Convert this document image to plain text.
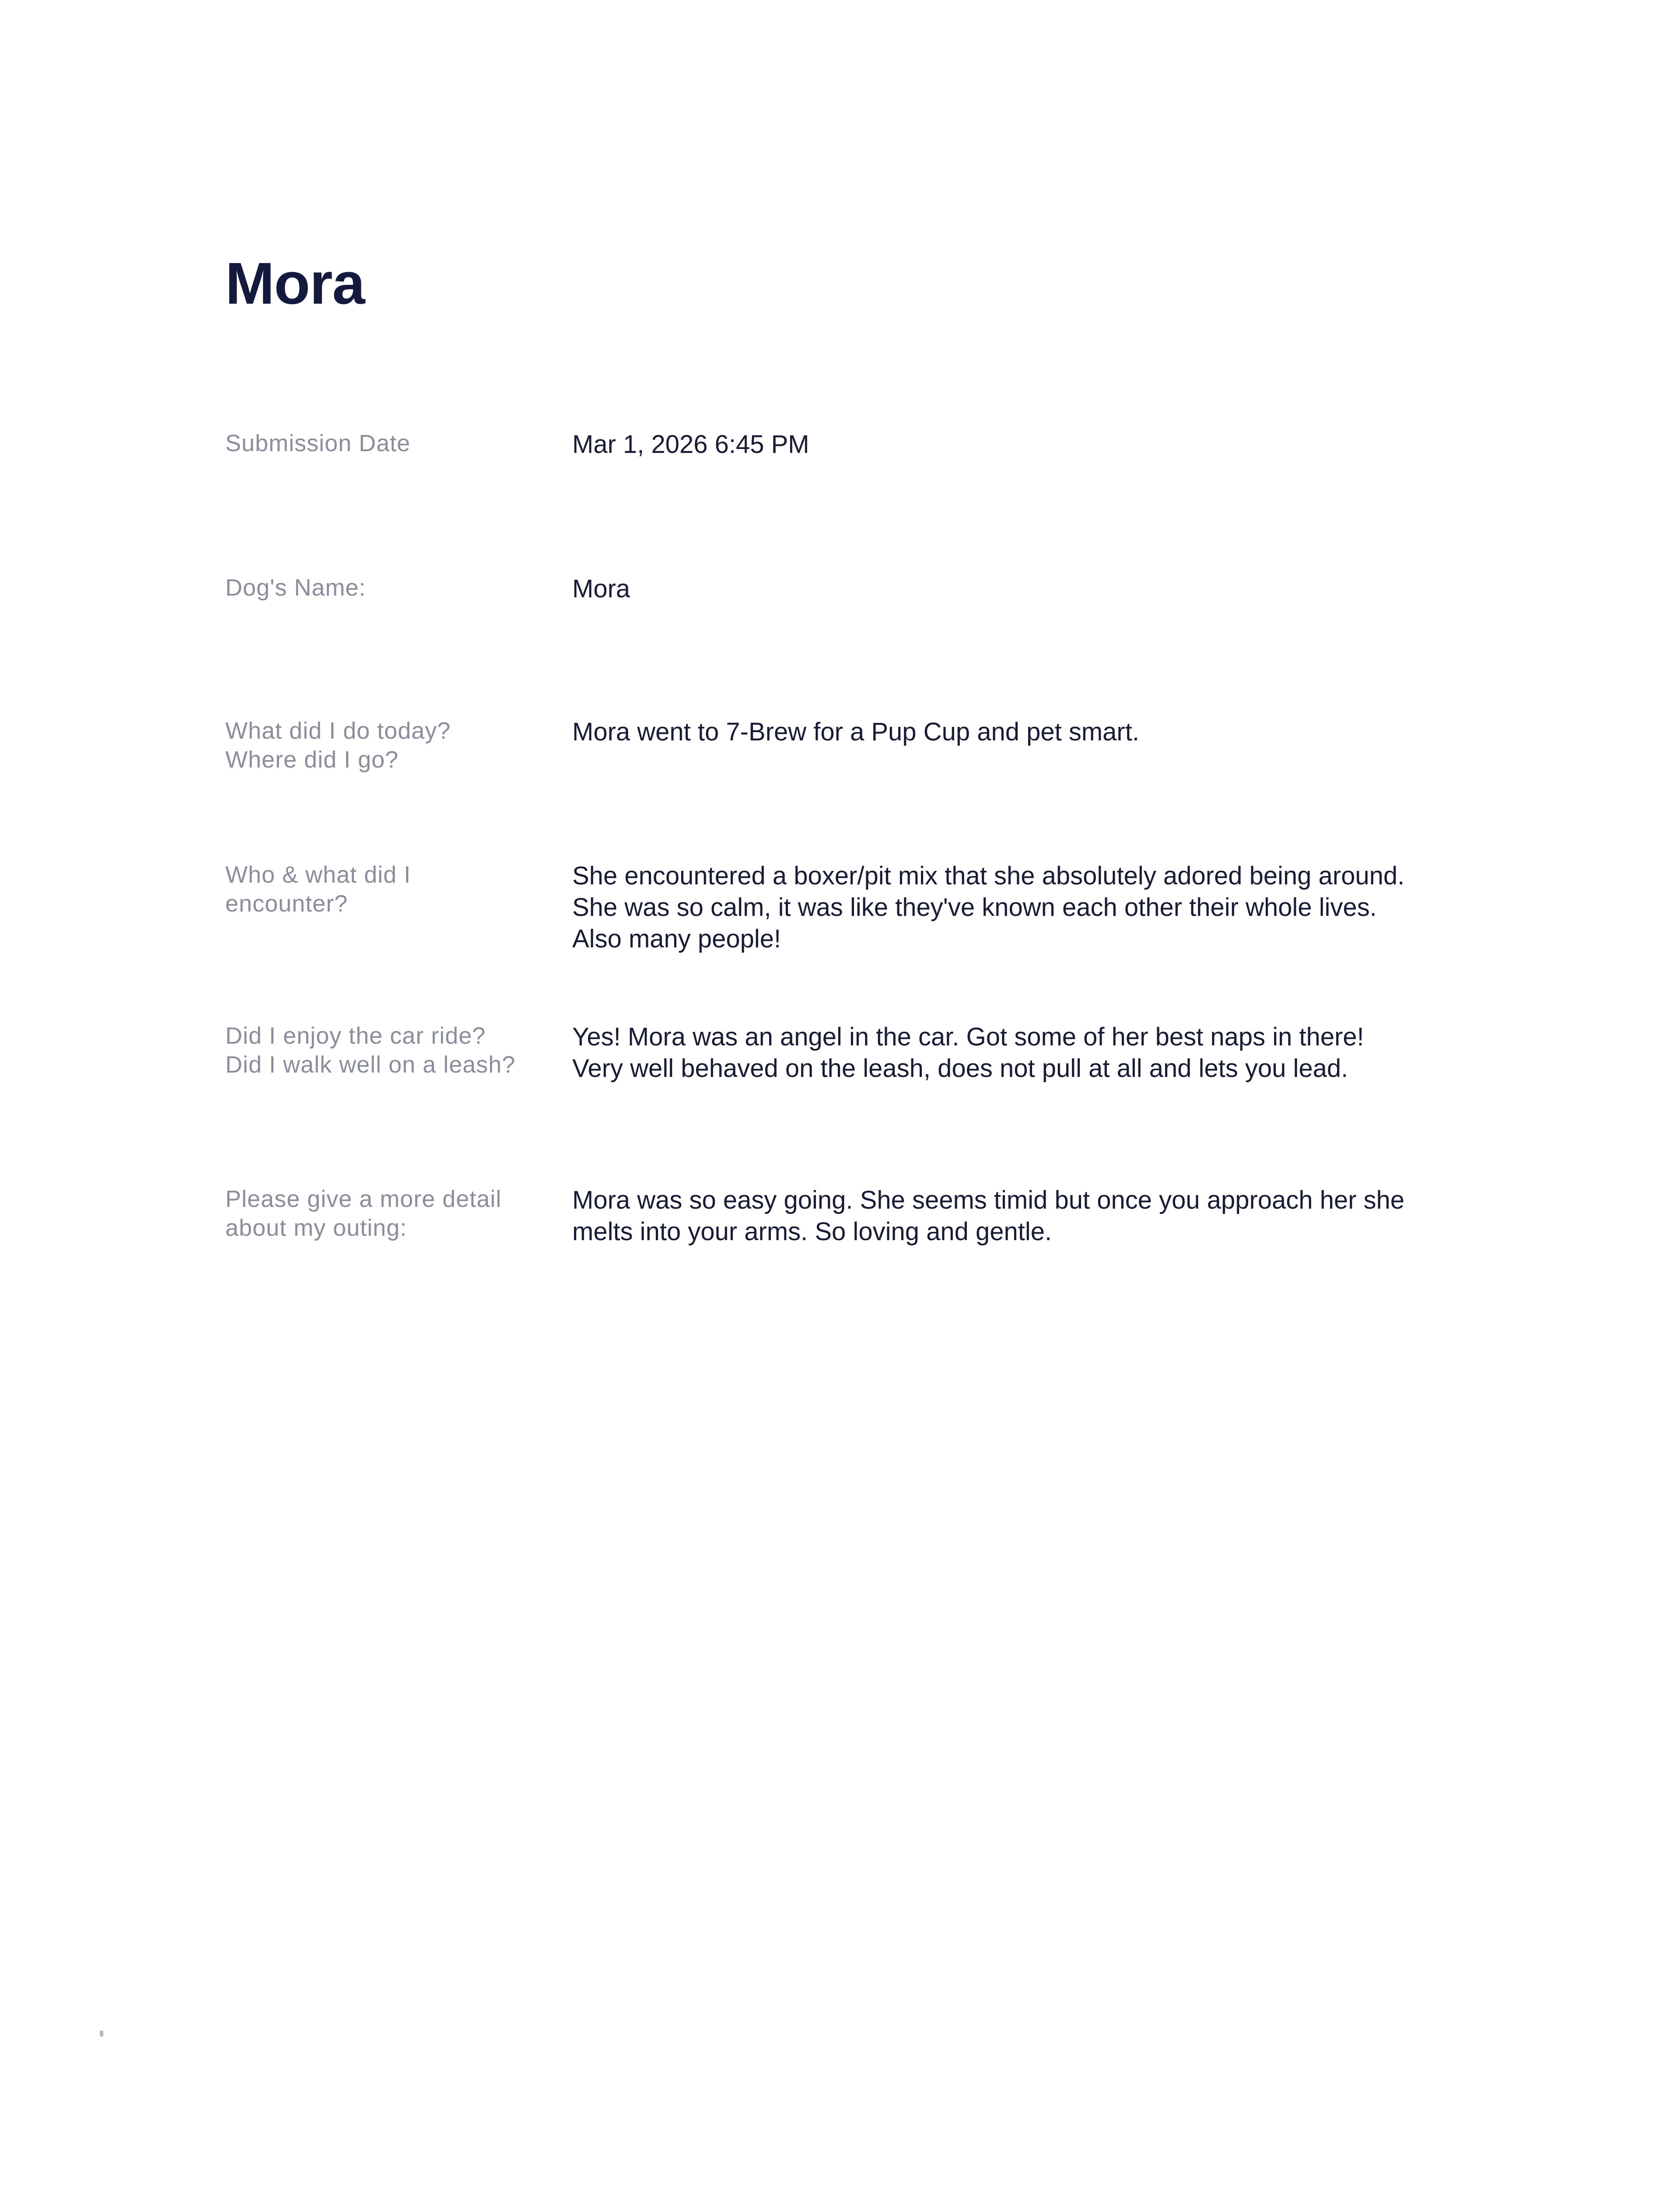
Mora
Submission Date	Mar 1, 2026 6:45 PM
Dog's Name:	Mora
What did I do today?
Where did I go?
Mora went to 7-Brew for a Pup Cup and pet smart.
Who & what did I
encounter?
She encountered a boxer/pit mix that she absolutely adored being around. She was so calm, it was like they've known each other their whole lives. Also many people!
Did I enjoy the car ride?
Did I walk well on a leash?
Yes! Mora was an angel in the car. Got some of her best naps in there! Very well behaved on the leash, does not pull at all and lets you lead.
Please give a more detail
about my outing:
Mora was so easy going. She seems timid but once you approach her she melts into your arms. So loving and gentle.
